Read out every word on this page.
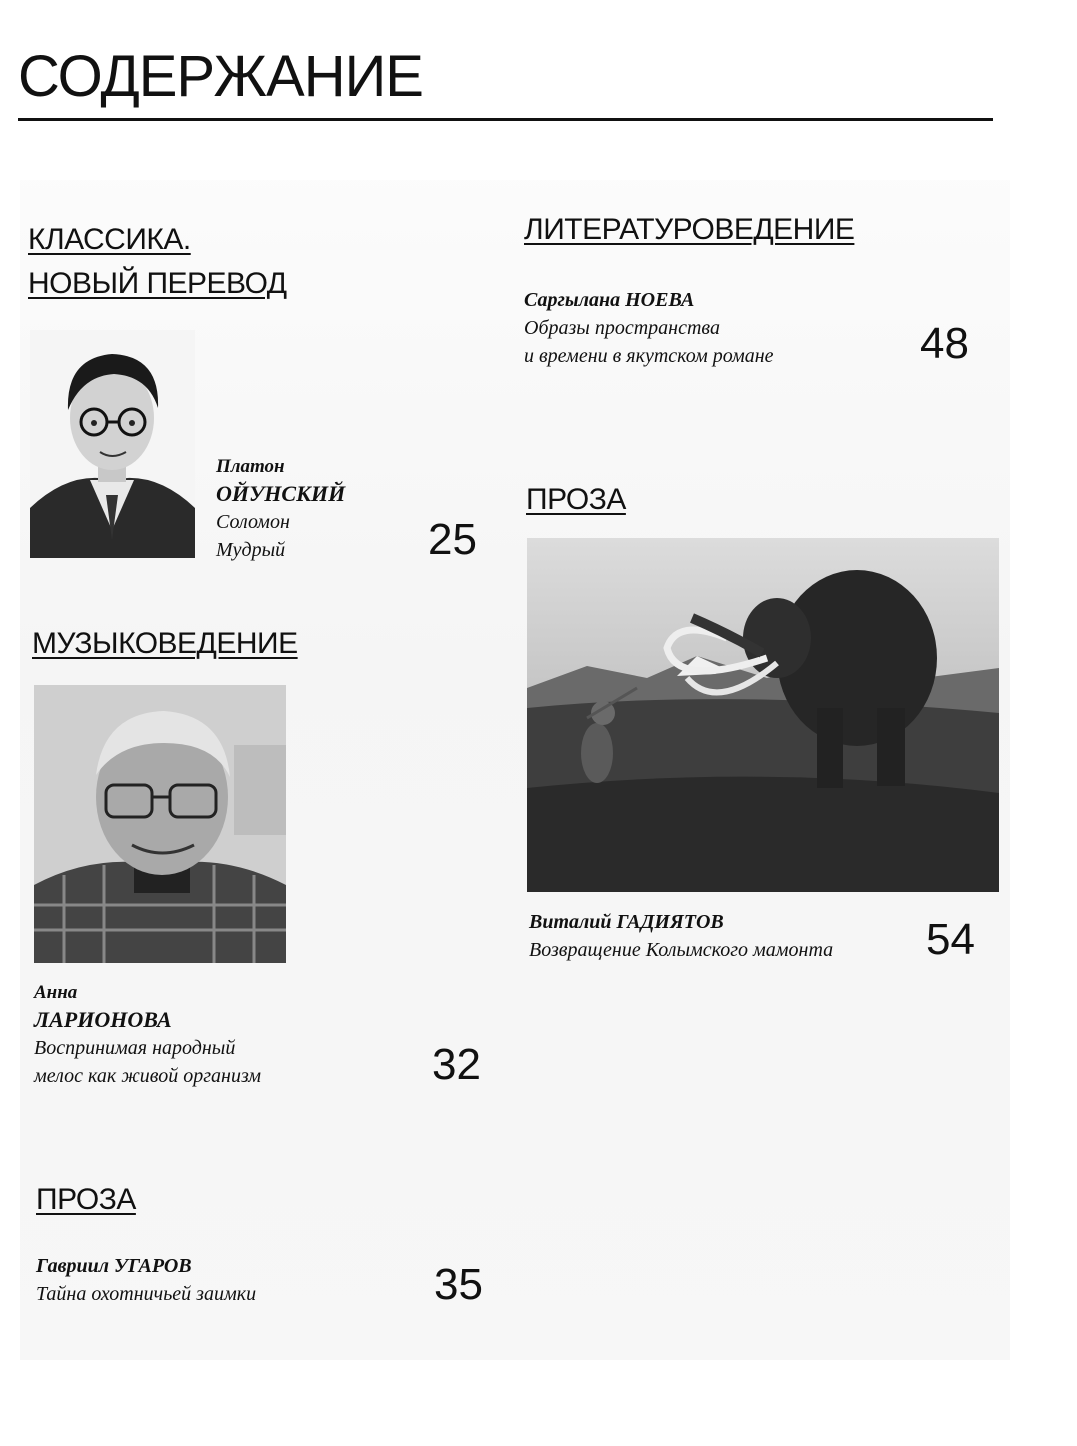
СОДЕРЖАНИЕ
КЛАССИКА.
НОВЫЙ ПЕРЕВОД
Платон
ОЙУНСКИЙ
Соломон
Мудрый	25
МУЗЫКОВЕДЕНИЕ
Анна
ЛАРИОНОВА
Воспринимая народный
мелос как живой организм	32
ПРОЗА
Гавриил УГАРОВ
Тайна охотничьей заимки	35
ЛИТЕРАТУРОВЕДЕНИЕ
Саргылана НОЕВА
Образы пространства
и времени в якутском романе	48
ПРОЗА
Виталий ГАДИЯТОВ
Возвращение Колымского мамонта 54
